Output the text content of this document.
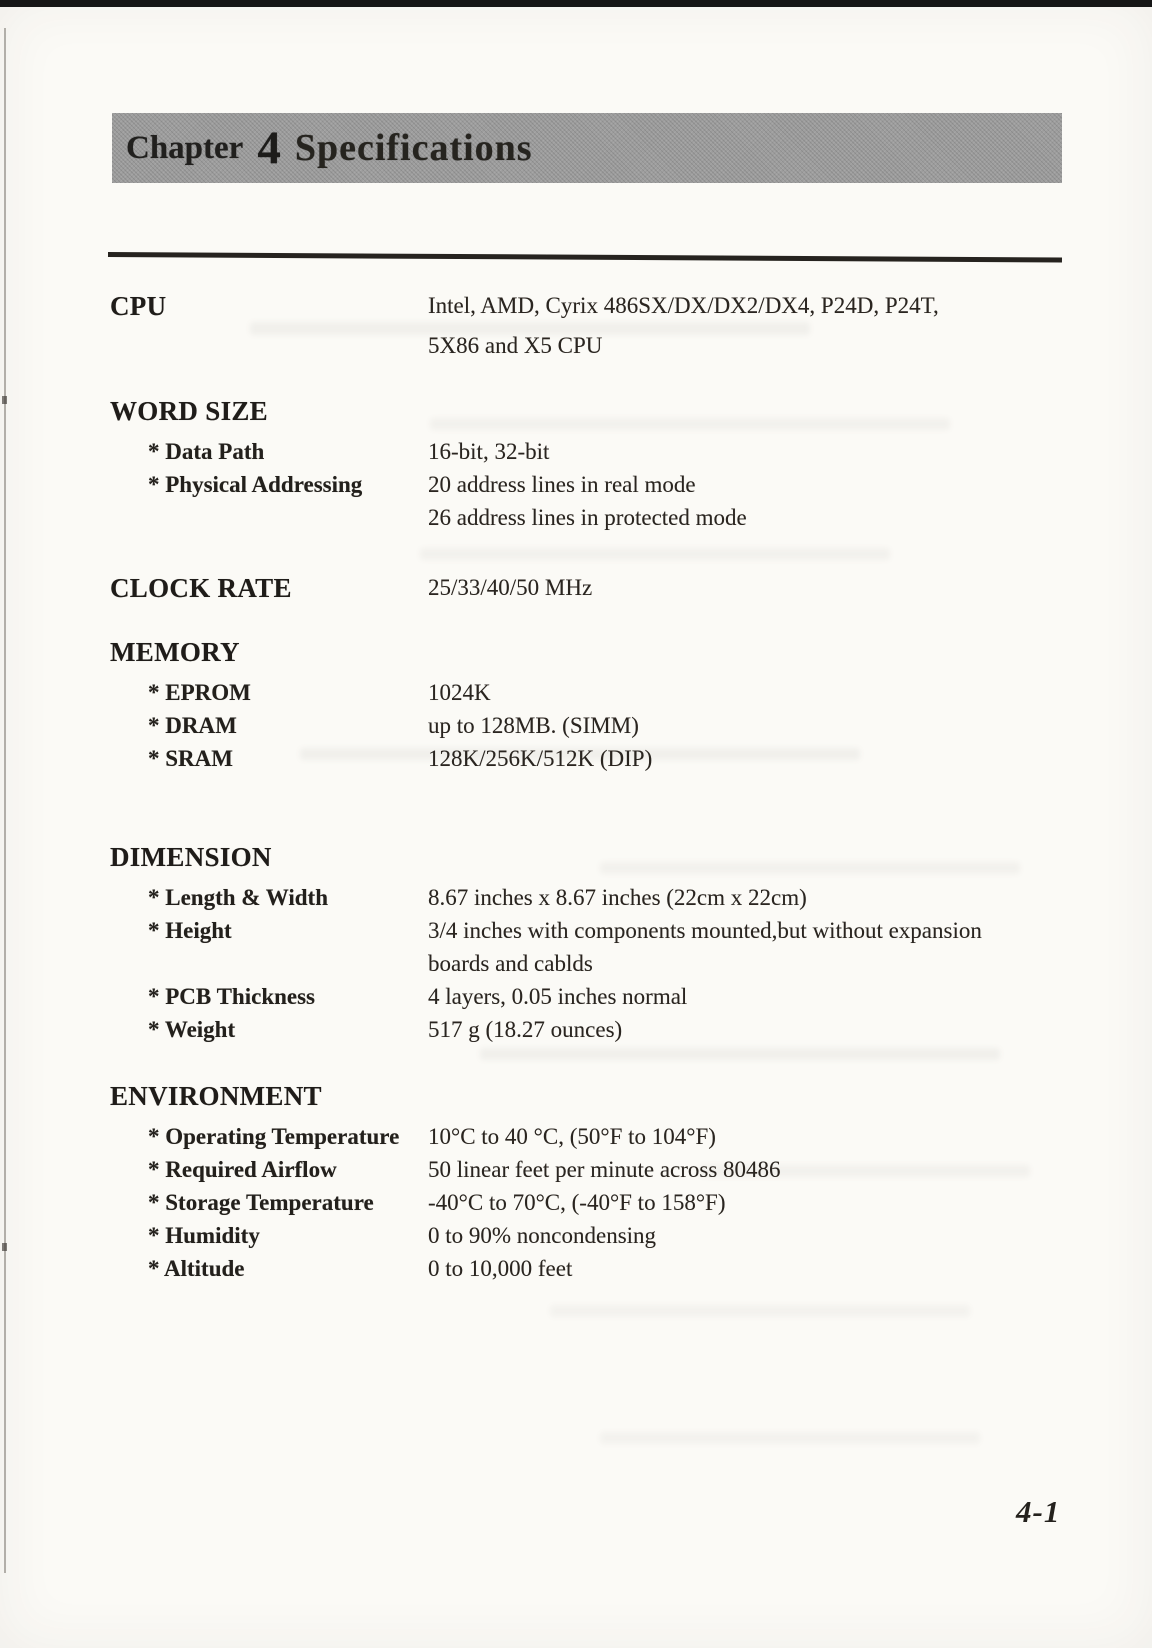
Chapter 4 Specifications
CPU	Intel, AMD, Cyrix 486SX/DX/DX2/DX4, P24D, P24T,
5X86 and X5 CPU
WORD SIZE
* Data Path	16-bit, 32-bit
* Physical Addressing	20 address lines in real mode
26 address lines in protected mode
CLOCK RATE	25/33/40/50 MHz
MEMORY
* EPROM	1024K
* DRAM	up to 128MB. (SIMM)
* SRAM	128K/256K/512K (DIP)
DIMENSION
* Length & Width	8.67 inches x 8.67 inches (22cm x 22cm)
* Height	3/4 inches with components mounted,but without expansion
boards and cablds
* PCB Thickness	4 layers, 0.05 inches normal
* Weight	517 g (18.27 ounces)
ENVIRONMENT
* Operating Temperature	10°C to 40 °C, (50°F to 104°F)
* Required Airflow	50 linear feet per minute across 80486
* Storage Temperature	-40°C to 70°C, (-40°F to 158°F)
* Humidity	0 to 90% noncondensing
* Altitude	0 to 10,000 feet
4-1
